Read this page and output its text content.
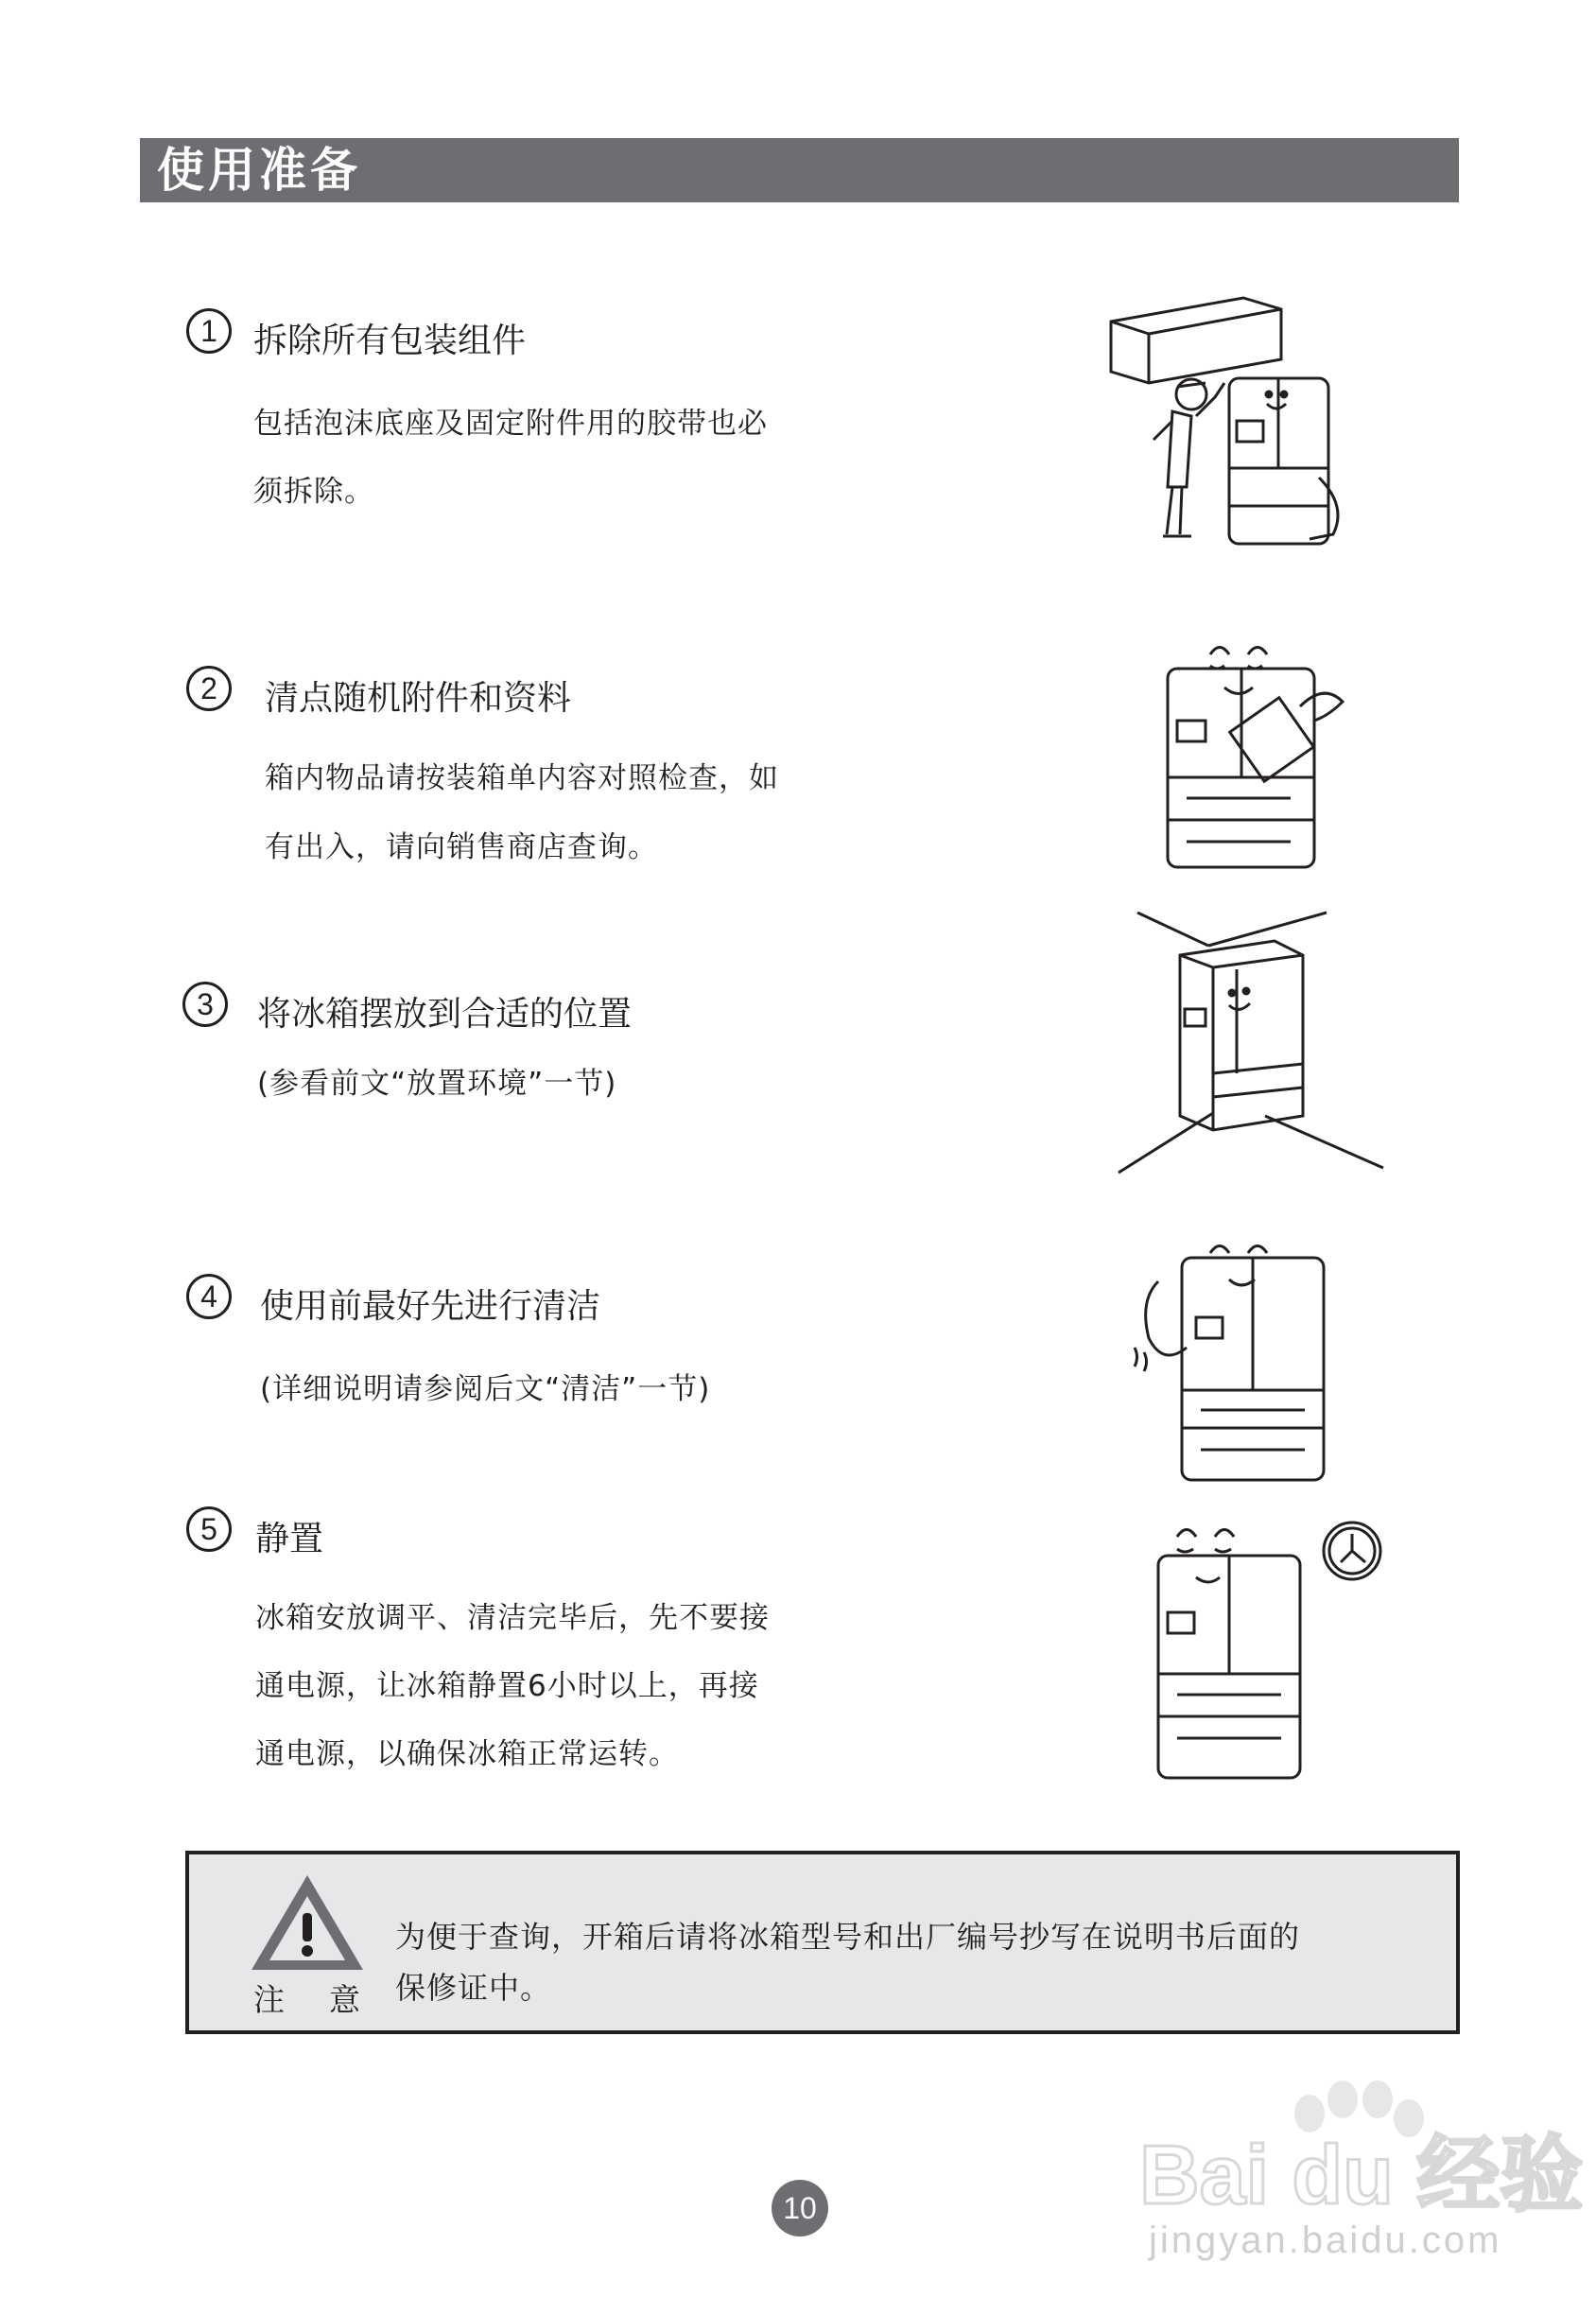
使用准备
1	拆除所有包装组件
包括泡沫底座及固定附件用的胶带也必
须拆除。
2	清点随机附件和资料
箱内物品请按装箱单内容对照检查，如
有出入，请向销售商店查询。
3	将冰箱摆放到合适的位置
(参看前文“放置环境”一节)
4	使用前最好先进行清洁
(详细说明请参阅后文“清洁”一节)
5	静置
冰箱安放调平、清洁完毕后，先不要接
通电源，让冰箱静置6小时以上，再接
通电源，以确保冰箱正常运转。
注 意
为便于查询，开箱后请将冰箱型号和出厂编号抄写在说明书后面的
保修证中。
10	Bai du 经验
jingyan.baidu.com
